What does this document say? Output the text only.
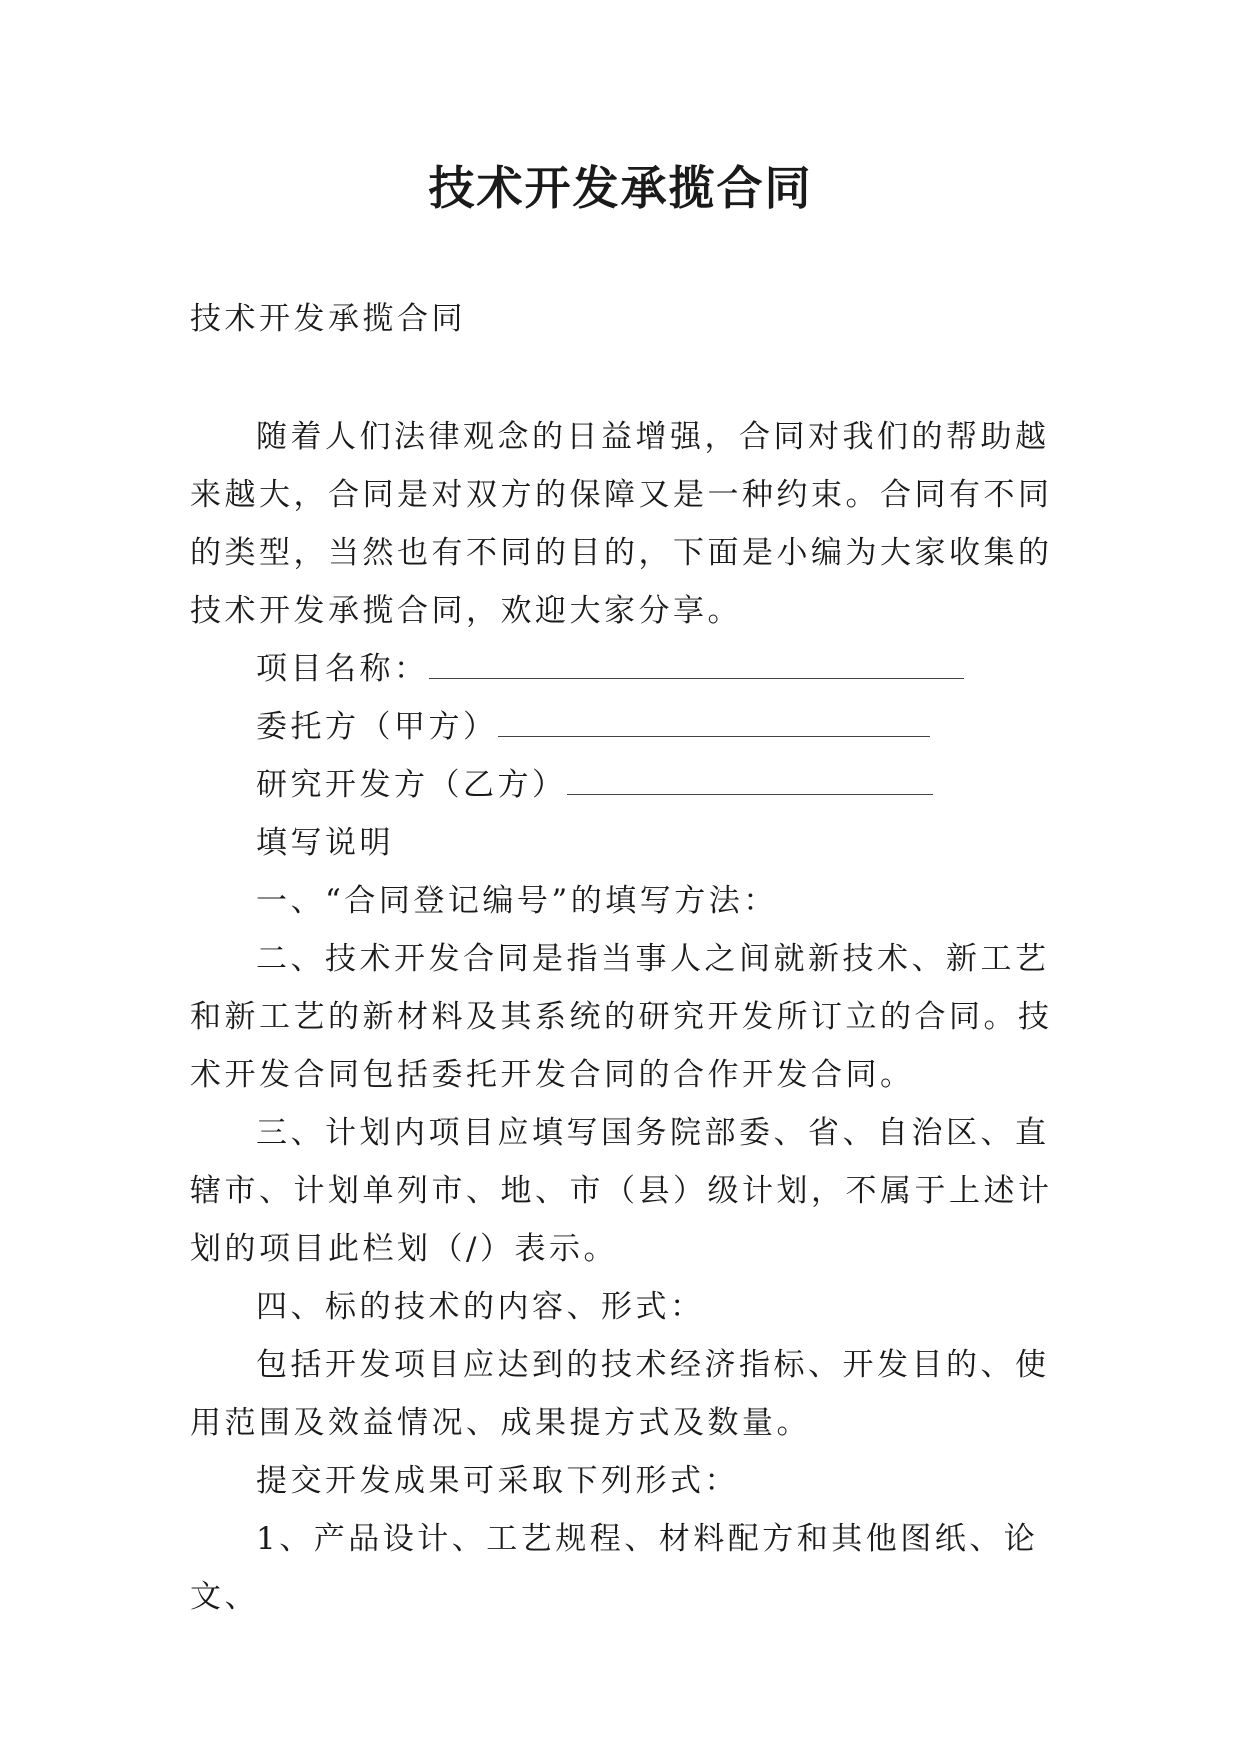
技术开发承揽合同

技术开发承揽合同

随着人们法律观念的日益增强，合同对我们的帮助越来越大，合同是对双方的保障又是一种约束。合同有不同的类型，当然也有不同的目的，下面是小编为大家收集的技术开发承揽合同，欢迎大家分享。

项目名称：

委托方（甲方）

研究开发方（乙方）

填写说明

一、“合同登记编号”的填写方法：

二、技术开发合同是指当事人之间就新技术、新工艺和新工艺的新材料及其系统的研究开发所订立的合同。技术开发合同包括委托开发合同的合作开发合同。

三、计划内项目应填写国务院部委、省、自治区、直辖市、计划单列市、地、市（县）级计划，不属于上述计划的项目此栏划（/）表示。

四、标的技术的内容、形式：

包括开发项目应达到的技术经济指标、开发目的、使用范围及效益情况、成果提方式及数量。

提交开发成果可采取下列形式：

1、产品设计、工艺规程、材料配方和其他图纸、论文、
